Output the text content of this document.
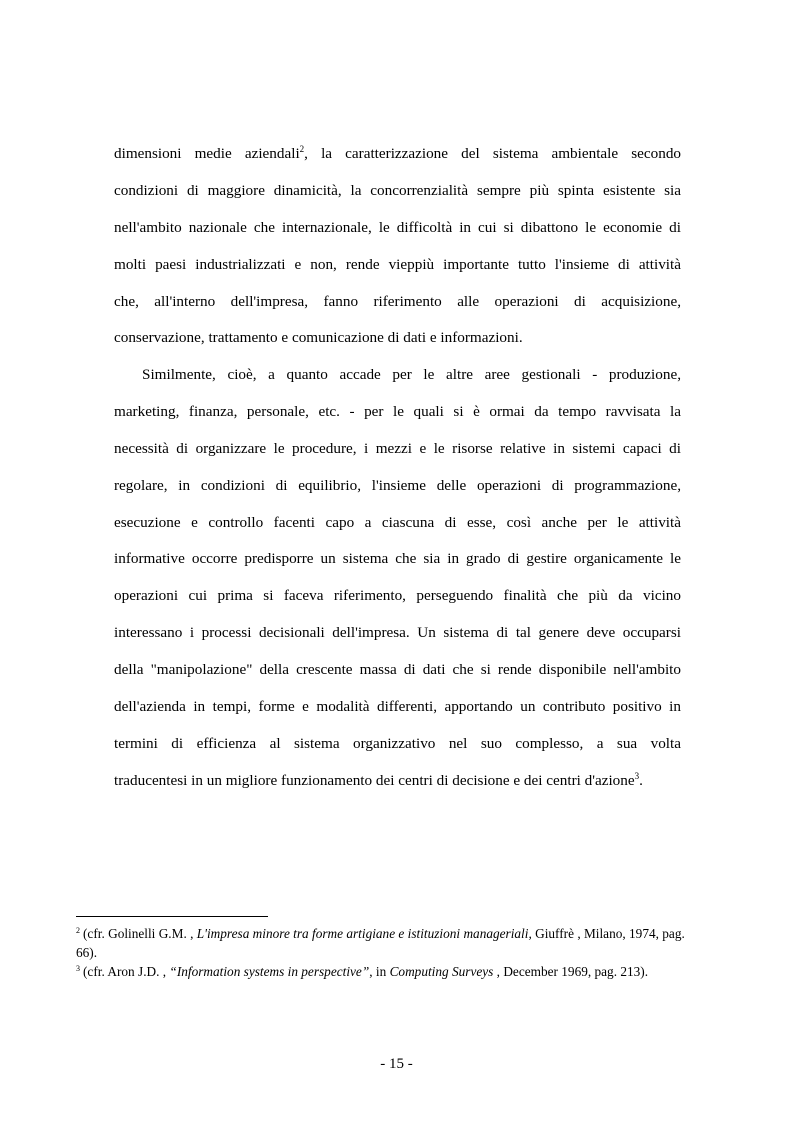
dimensioni medie aziendali$^2$, la caratterizzazione del sistema ambientale secondo
condizioni di maggiore dinamicità, la concorrenzialità sempre più spinta esistente sia
nell'ambito nazionale che internazionale, le difficoltà in cui si dibattono le economie di
molti paesi industrializzati e non, rende vieppiù importante tutto l'insieme di attività
che, all'interno dell'impresa, fanno riferimento alle operazioni di acquisizione,
conservazione, trattamento e comunicazione di dati e informazioni.
Similmente, cioè, a quanto accade per le altre aree gestionali - produzione,
marketing, finanza, personale, etc. - per le quali si è ormai da tempo ravvisata la
necessità di organizzare le procedure, i mezzi e le risorse relative in sistemi capaci di
regolare, in condizioni di equilibrio, l'insieme delle operazioni di programmazione,
esecuzione e controllo facenti capo a ciascuna di esse, così anche per le attività
informative occorre predisporre un sistema che sia in grado di gestire organicamente le
operazioni cui prima si faceva riferimento, perseguendo finalità che più da vicino
interessano i processi decisionali dell'impresa. Un sistema di tal genere deve occuparsi
della "manipolazione" della crescente massa di dati che si rende disponibile nell'ambito
dell'azienda in tempi, forme e modalità differenti, apportando un contributo positivo in
termini di efficienza al sistema organizzativo nel suo complesso, a sua volta
traducentesi in un migliore funzionamento dei centri di decisione e dei centri d'azione$^3$.
$^2$ (cfr. Golinelli G.M. , L'impresa minore tra forme artigiane e istituzioni manageriali, Giuffrè , Milano, 1974, pag.
66).
$^3$ (cfr. Aron J.D. , “Information systems in perspective”, in Computing Surveys , December 1969, pag. 213).
- 15 -
